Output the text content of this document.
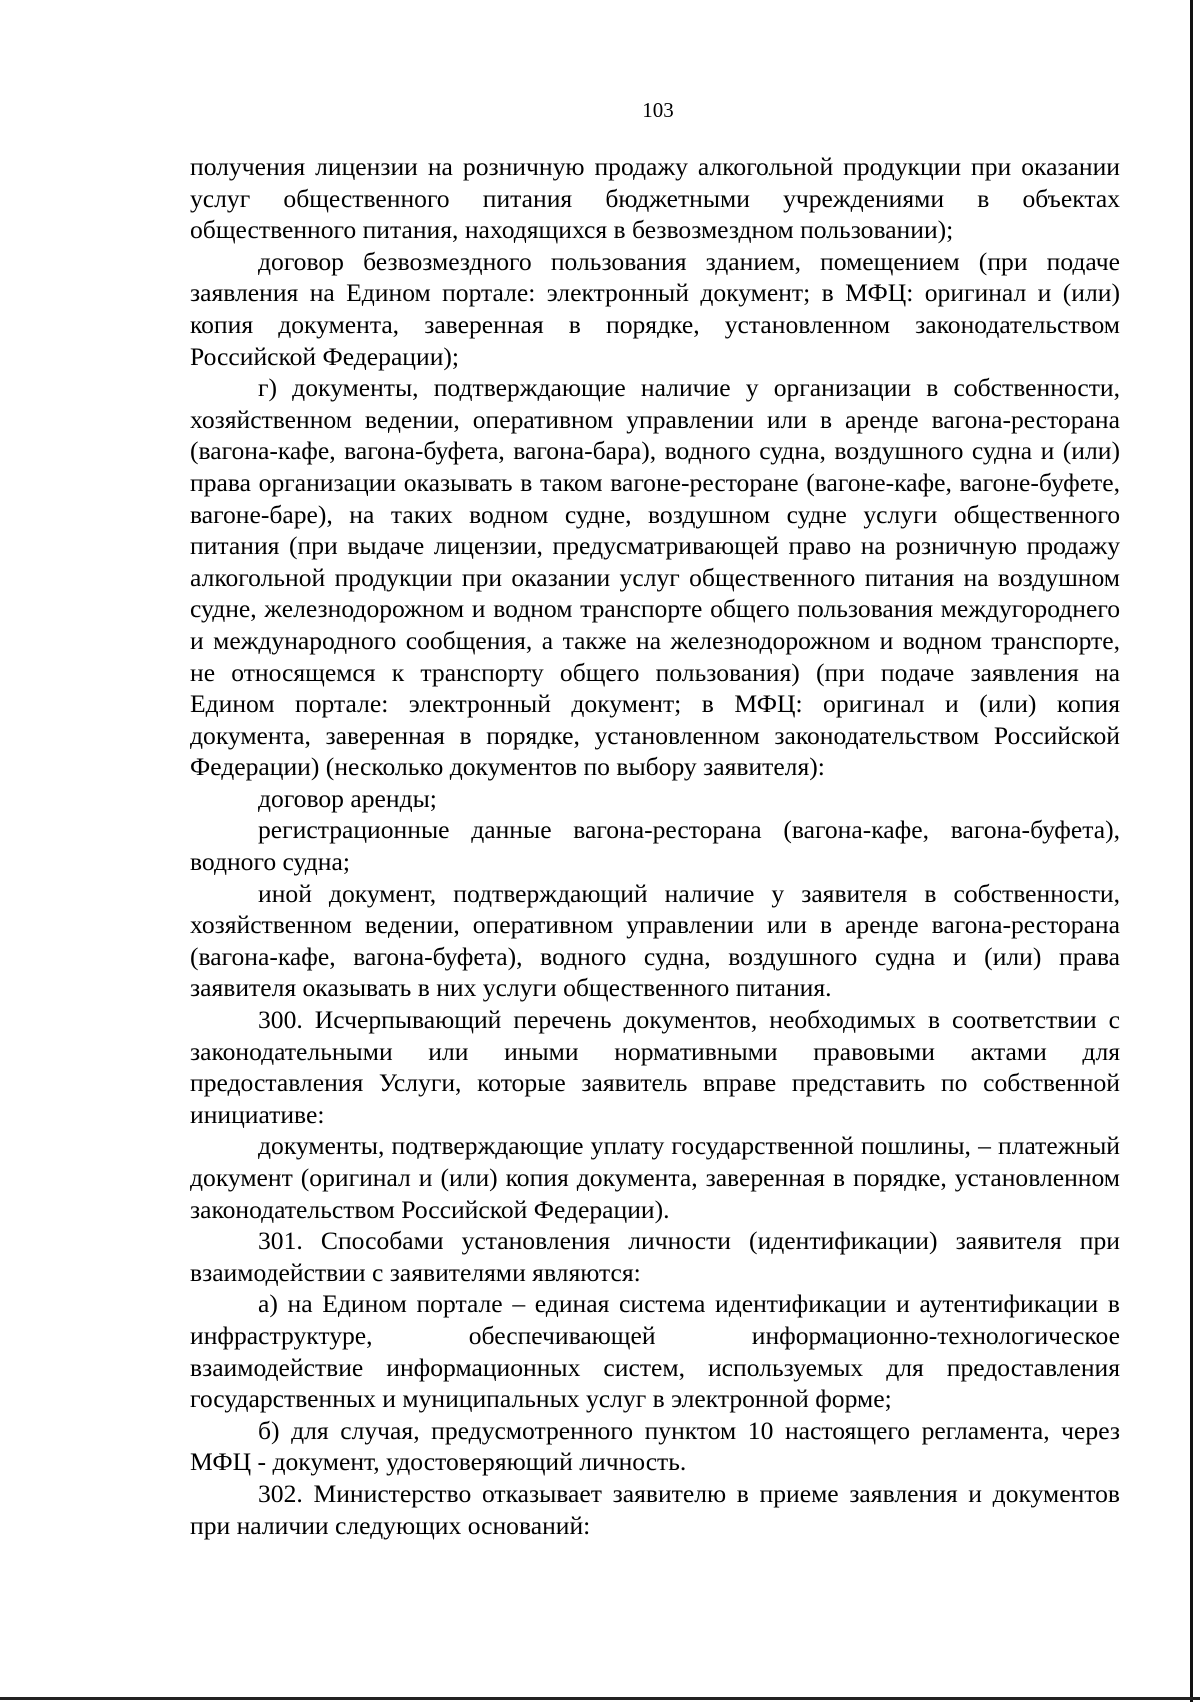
103

получения лицензии на розничную продажу алкогольной продукции при оказании услуг общественного питания бюджетными учреждениями в объектах общественного питания, находящихся в безвозмездном пользовании);

договор безвозмездного пользования зданием, помещением (при подаче заявления на Едином портале: электронный документ; в МФЦ: оригинал и (или) копия документа, заверенная в порядке, установленном законодательством Российской Федерации);

г) документы, подтверждающие наличие у организации в собственности, хозяйственном ведении, оперативном управлении или в аренде вагона-ресторана (вагона-кафе, вагона-буфета, вагона-бара), водного судна, воздушного судна и (или) права организации оказывать в таком вагоне-ресторане (вагоне-кафе, вагоне-буфете, вагоне-баре), на таких водном судне, воздушном судне услуги общественного питания (при выдаче лицензии, предусматривающей право на розничную продажу алкогольной продукции при оказании услуг общественного питания на воздушном судне, железнодорожном и водном транспорте общего пользования междугороднего и международного сообщения, а также на железнодорожном и водном транспорте, не относящемся к транспорту общего пользования) (при подаче заявления на Едином портале: электронный документ; в МФЦ: оригинал и (или) копия документа, заверенная в порядке, установленном законодательством Российской Федерации) (несколько документов по выбору заявителя):

договор аренды;

регистрационные данные вагона-ресторана (вагона-кафе, вагона-буфета), водного судна;

иной документ, подтверждающий наличие у заявителя в собственности, хозяйственном ведении, оперативном управлении или в аренде вагона-ресторана (вагона-кафе, вагона-буфета), водного судна, воздушного судна и (или) права заявителя оказывать в них услуги общественного питания.

300. Исчерпывающий перечень документов, необходимых в соответствии с законодательными или иными нормативными правовыми актами для предоставления Услуги, которые заявитель вправе представить по собственной инициативе:

документы, подтверждающие уплату государственной пошлины, – платежный документ (оригинал и (или) копия документа, заверенная в порядке, установленном законодательством Российской Федерации).

301. Способами установления личности (идентификации) заявителя при взаимодействии с заявителями являются:

а) на Едином портале – единая система идентификации и аутентификации в инфраструктуре, обеспечивающей информационно-технологическое взаимодействие информационных систем, используемых для предоставления государственных и муниципальных услуг в электронной форме;

б) для случая, предусмотренного пунктом 10 настоящего регламента, через МФЦ - документ, удостоверяющий личность.

302. Министерство отказывает заявителю в приеме заявления и документов при наличии следующих оснований:
